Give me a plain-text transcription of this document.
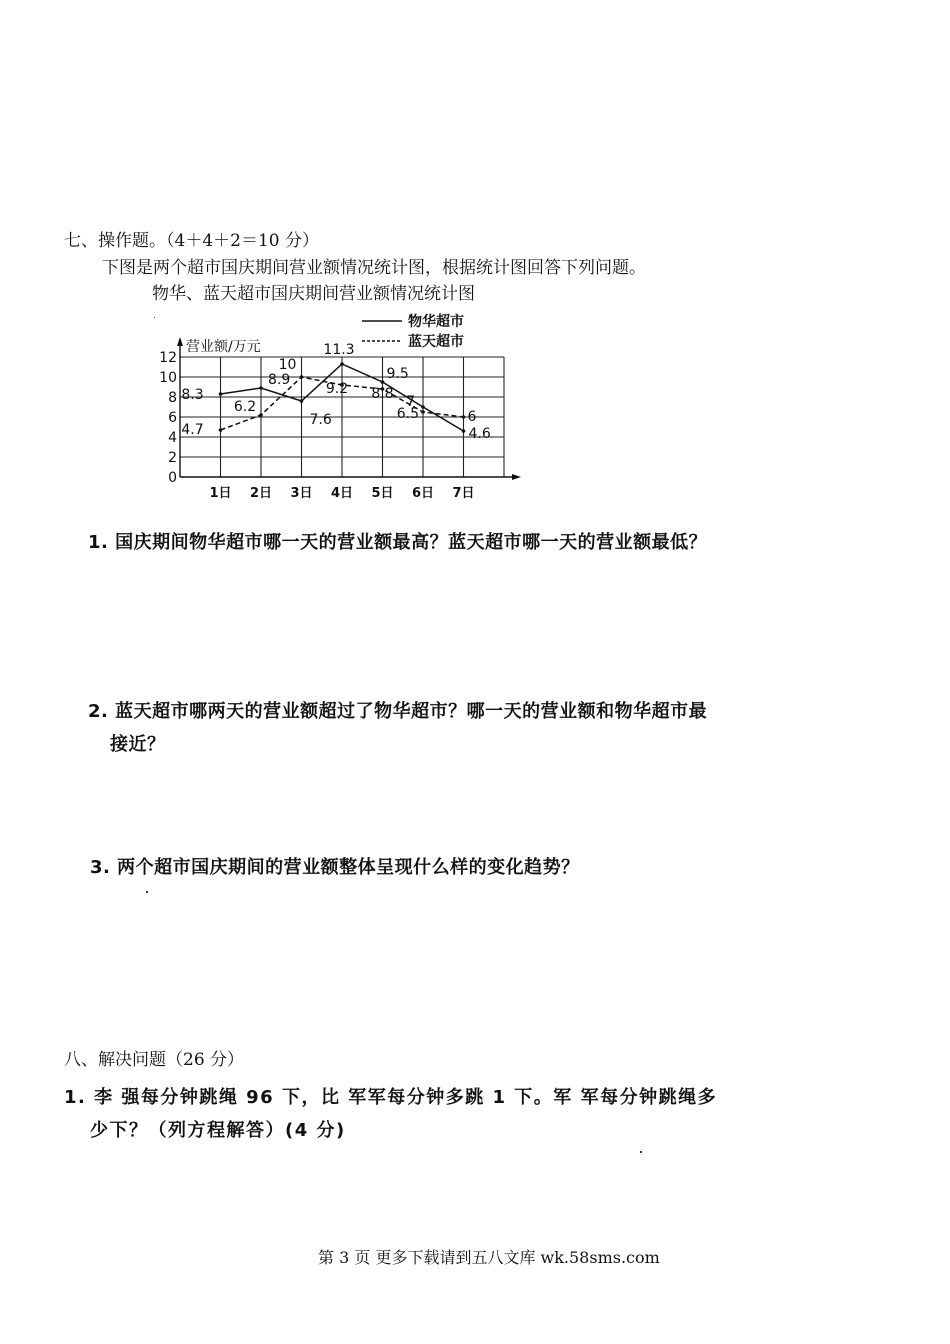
七、操作题。（4＋4＋2＝10 分）
下图是两个超市国庆期间营业额情况统计图，根据统计图回答下列问题。
物华、蓝天超市国庆期间营业额情况统计图
0
2
4
6
8
10
12
营业额/万元
1日 2日 3日 4日 5日 6日 7日
8.3
8.9
7.6
11.3
9.5
7
4.6
4.7
6.2
10
9.2 8.8
6.5	6
物华超市
蓝天超市
1. 国庆期间物华超市哪一天的营业额最高？蓝天超市哪一天的营业额最低？
2. 蓝天超市哪两天的营业额超过了物华超市？哪一天的营业额和物华超市最
接近？
3. 两个超市国庆期间的营业额整体呈现什么样的变化趋势？
八、解决问题（26 分）
1. 李 强每分钟跳绳 96 下，比 军军每分钟多跳 1 下。军 军每分钟跳绳多
少下？（列方程解答）(4 分)
第 3 页 更多下载请到五八文库 wk.58sms.com
